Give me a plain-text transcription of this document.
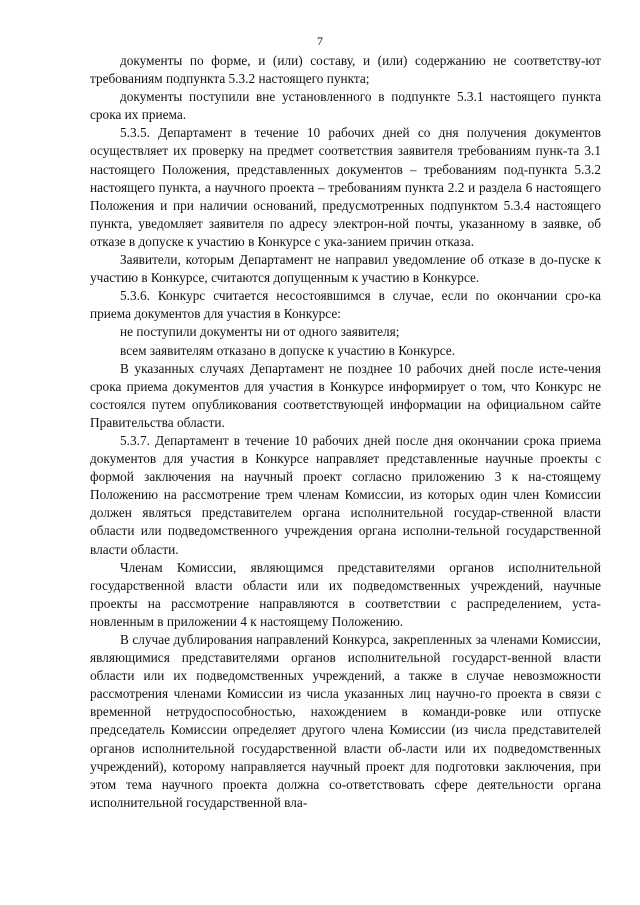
7

документы по форме, и (или) составу, и (или) содержанию не соответству-ют требованиям подпункта 5.3.2 настоящего пункта;

документы поступили вне установленного в подпункте 5.3.1 настоящего пункта срока их приема.

5.3.5. Департамент в течение 10 рабочих дней со дня получения документов осуществляет их проверку на предмет соответствия заявителя требованиям пунк-та 3.1 настоящего Положения, представленных документов – требованиям под-пункта 5.3.2 настоящего пункта, а научного проекта – требованиям пункта 2.2 и раздела 6 настоящего Положения и при наличии оснований, предусмотренных подпунктом 5.3.4 настоящего пункта, уведомляет заявителя по адресу электрон-ной почты, указанному в заявке, об отказе в допуске к участию в Конкурсе с ука-занием причин отказа.

Заявители, которым Департамент не направил уведомление об отказе в до-пуске к участию в Конкурсе, считаются допущенным к участию в Конкурсе.

5.3.6. Конкурс считается несостоявшимся в случае, если по окончании сро-ка приема документов для участия в Конкурсе:

не поступили документы ни от одного заявителя;

всем заявителям отказано в допуске к участию в Конкурсе.

В указанных случаях Департамент не позднее 10 рабочих дней после исте-чения срока приема документов для участия в Конкурсе информирует о том, что Конкурс не состоялся путем опубликования соответствующей информации на официальном сайте Правительства области.

5.3.7. Департамент в течение 10 рабочих дней после дня окончании срока приема документов для участия в Конкурсе направляет представленные научные проекты с формой заключения на научный проект согласно приложению 3 к на-стоящему Положению на рассмотрение трем членам Комиссии, из которых один член Комиссии должен являться представителем органа исполнительной государ-ственной власти области или подведомственного учреждения органа исполни-тельной государственной власти области.

Членам Комиссии, являющимся представителями органов исполнительной государственной власти области или их подведомственных учреждений, научные проекты на рассмотрение направляются в соответствии с распределением, уста-новленным в приложении 4 к настоящему Положению.

В случае дублирования направлений Конкурса, закрепленных за членами Комиссии, являющимися представителями органов исполнительной государст-венной власти области или их подведомственных учреждений, а также в случае невозможности рассмотрения членами Комиссии из числа указанных лиц научно-го проекта в связи с временной нетрудоспособностью, нахождением в команди-ровке или отпуске председатель Комиссии определяет другого члена Комиссии (из числа представителей органов исполнительной государственной власти об-ласти или их подведомственных учреждений), которому направляется научный проект для подготовки заключения, при этом тема научного проекта должна со-ответствовать сфере деятельности органа исполнительной государственной вла-
